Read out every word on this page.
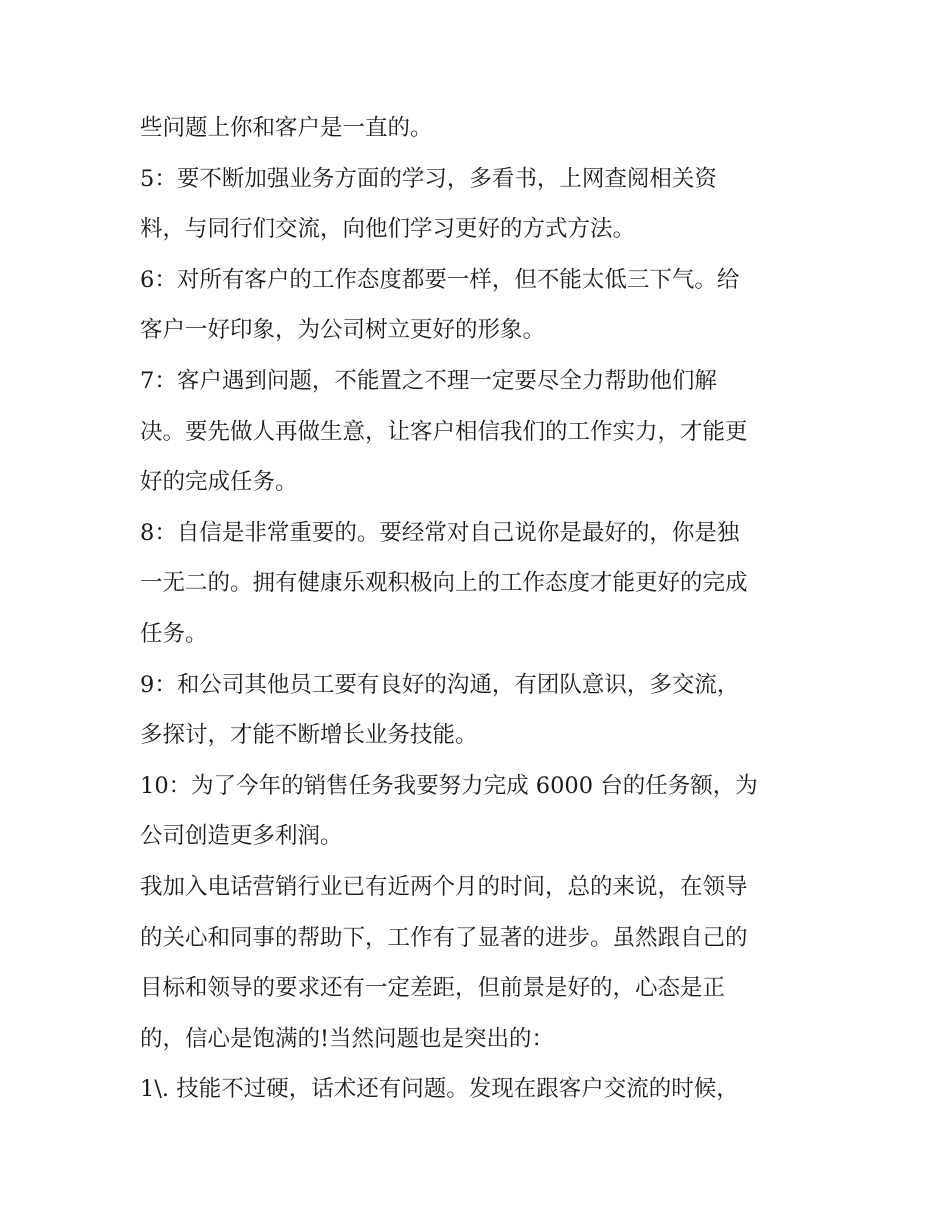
些问题上你和客户是一直的。
5：要不断加强业务方面的学习，多看书，上网查阅相关资
料，与同行们交流，向他们学习更好的方式方法。
6：对所有客户的工作态度都要一样，但不能太低三下气。给
客户一好印象，为公司树立更好的形象。
7：客户遇到问题，不能置之不理一定要尽全力帮助他们解
决。要先做人再做生意，让客户相信我们的工作实力，才能更
好的完成任务。
8：自信是非常重要的。要经常对自己说你是最好的，你是独
一无二的。拥有健康乐观积极向上的工作态度才能更好的完成
任务。
9：和公司其他员工要有良好的沟通，有团队意识，多交流，
多探讨，才能不断增长业务技能。
10：为了今年的销售任务我要努力完成 6000 台的任务额，为
公司创造更多利润。
我加入电话营销行业已有近两个月的时间，总的来说，在领导
的关心和同事的帮助下，工作有了显著的进步。虽然跟自己的
目标和领导的要求还有一定差距，但前景是好的，心态是正
的，信心是饱满的!当然问题也是突出的：
1\. 技能不过硬，话术还有问题。发现在跟客户交流的时候，
